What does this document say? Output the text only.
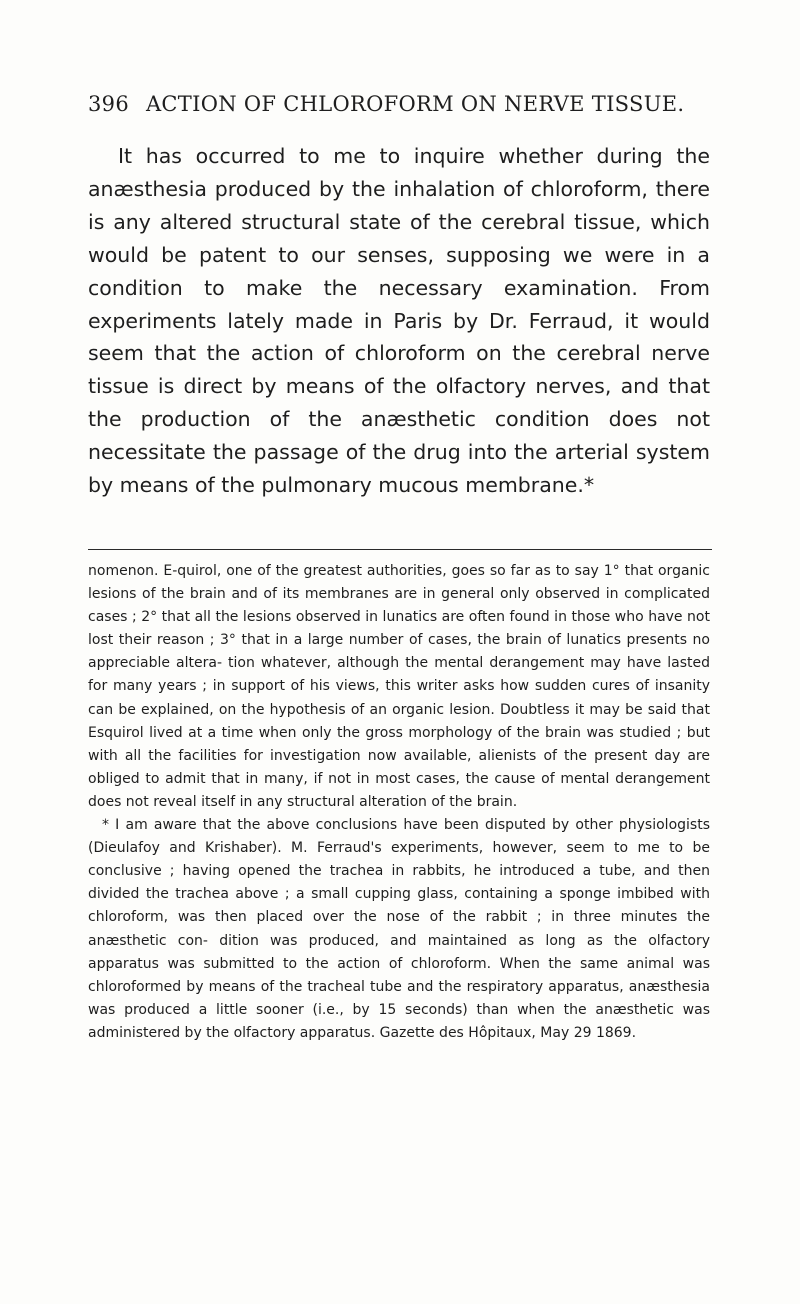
396 ACTION OF CHLOROFORM ON NERVE TISSUE.

It has occurred to me to inquire whether during the anæsthesia produced by the inhalation of chloroform, there is any altered structural state of the cerebral tissue, which would be patent to our senses, supposing we were in a condition to make the necessary examination. From experiments lately made in Paris by Dr. Ferraud, it would seem that the action of chloroform on the cerebral nerve tissue is direct by means of the olfactory nerves, and that the production of the anæsthetic condition does not necessitate the passage of the drug into the arterial system by means of the pulmonary mucous membrane.*

nomenon. E-quirol, one of the greatest authorities, goes so far as to say 1° that organic lesions of the brain and of its membranes are in general only observed in complicated cases ; 2° that all the lesions observed in lunatics are often found in those who have not lost their reason ; 3° that in a large number of cases, the brain of lunatics presents no appreciable altera- tion whatever, although the mental derangement may have lasted for many years ; in support of his views, this writer asks how sudden cures of insanity can be explained, on the hypothesis of an organic lesion. Doubtless it may be said that Esquirol lived at a time when only the gross morphology of the brain was studied ; but with all the facilities for investigation now available, alienists of the present day are obliged to admit that in many, if not in most cases, the cause of mental derangement does not reveal itself in any structural alteration of the brain.

* I am aware that the above conclusions have been disputed by other physiologists (Dieulafoy and Krishaber). M. Ferraud's experiments, however, seem to me to be conclusive ; having opened the trachea in rabbits, he introduced a tube, and then divided the trachea above ; a small cupping glass, containing a sponge imbibed with chloroform, was then placed over the nose of the rabbit ; in three minutes the anæsthetic con- dition was produced, and maintained as long as the olfactory apparatus was submitted to the action of chloroform. When the same animal was chloroformed by means of the tracheal tube and the respiratory apparatus, anæsthesia was produced a little sooner (i.e., by 15 seconds) than when the anæsthetic was administered by the olfactory apparatus. Gazette des Hôpitaux, May 29 1869.
